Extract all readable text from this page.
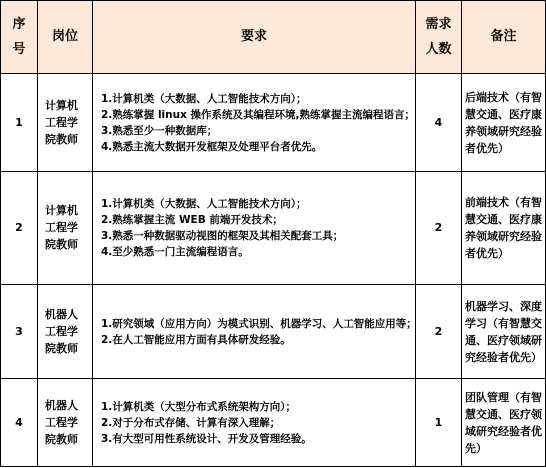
序号	岗位	要求	需求人数	备注
1	计算机工程学院教师	1.计算机类（大数据、人工智能技术方向）；
2.熟练掌握 linux 操作系统及其编程环境,熟练掌握主流编程语言；
3.熟悉至少一种数据库；
4.熟悉主流大数据开发框架及处理平台者优先。	4	后端技术（有智慧交通、医疗康养领域研究经验者优先）
2	计算机工程学院教师	1.计算机类（大数据、人工智能技术方向）；
2.熟练掌握主流 WEB 前端开发技术；
3.熟悉一种数据驱动视图的框架及其相关配套工具；
4.至少熟悉一门主流编程语言。	2	前端技术（有智慧交通、医疗康养领域研究经验者优先）
3	机器人工程学院教师	1.研究领域（应用方向）为模式识别、机器学习、人工智能应用等；
2.在人工智能应用方面有具体研发经验。	2	机器学习、深度学习（有智慧交通、医疗领域研究经验者优先）
4	机器人工程学院教师	1.计算机类（大型分布式系统架构方向）；
2.对于分布式存储、计算有深入理解；
3.有大型可用性系统设计、开发及管理经验。	1	团队管理（有智慧交通、医疗领域研究经验者优先）
